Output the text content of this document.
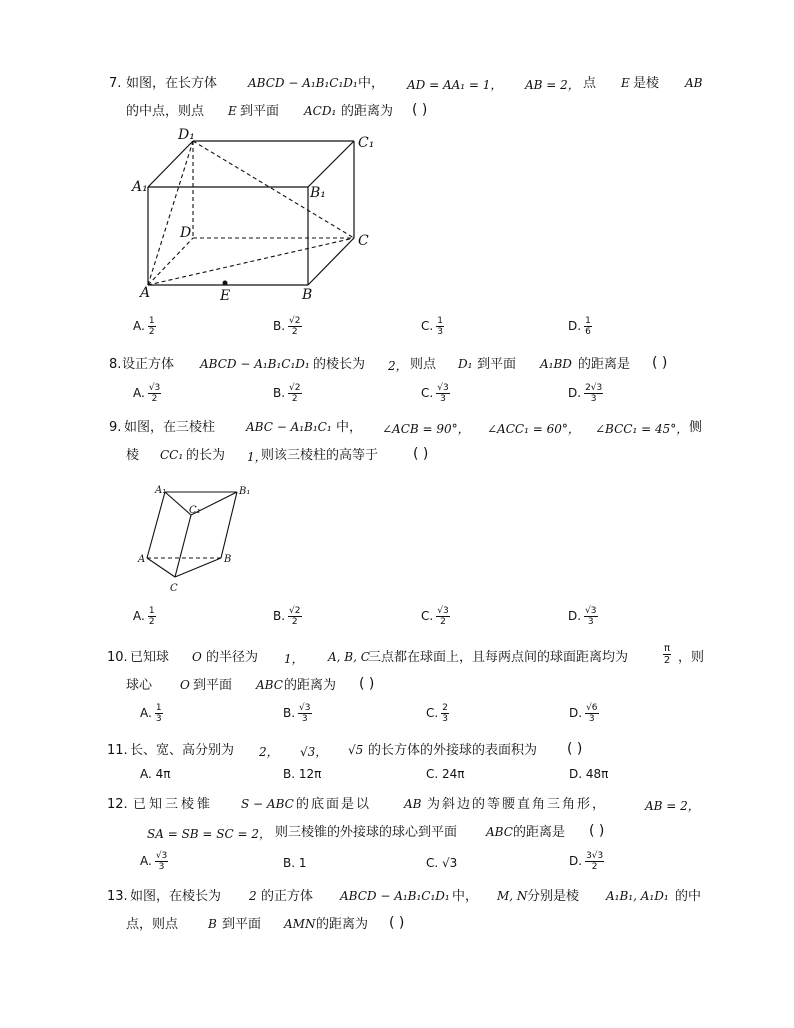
7. 如图，在长方体	ABCD − A₁B₁C₁D₁ 中， AD = AA₁ = 1， AB = 2， 点 E 是棱 AB
的中点，则点 E 到平面 ACD₁ 的距离为 ( )
D₁	C₁
A₁	B₁
D	C
A	E	B
A. $\frac{1}{2}$	B. $\frac{√2}{2}$	C. $\frac{1}{3}$	D. $\frac{1}{6}$
8. 设正方体 ABCD − A₁B₁C₁D₁ 的棱长为 2， 则点 D₁ 到平面 A₁BD 的距离是 ( )
A. $\frac{√3}{2}$	B. $\frac{√2}{2}$	C. $\frac{√3}{3}$	D. $\frac{2√3}{3}$
9. 如图，在三棱柱	ABC − A₁B₁C₁ 中， ∠ACB = 90°， ∠ACC₁ = 60°， ∠BCC₁ = 45°， 侧
棱 CC₁ 的长为 1，
则该三棱柱的高等于 ( )
A₁	B₁
C₁
A	B
C
A. $\frac{1}{2}$	B. $\frac{√2}{2}$	C. $\frac{√3}{2}$	D. $\frac{√3}{3}$
10. 已知球 O 的半径为 1， A, B, C
三点都在球面上，且每两点间的球面距离均为	$\frac{\pi}{2}$ ，则
球心 O 到平面 ABC 的距离为 ( )
A. $\frac{1}{3}$	B. $\frac{√3}{3}$	C. $\frac{2}{3}$	D. $\frac{√6}{3}$
11. 长、宽、高分别为 2， √3， √5 的长方体的外接球的表面积为 ( )
A. 4π	B. 12π	C. 24π	D. 48π
12. 已知三棱锥 S − ABC 的底面是以	AB 为斜边的等腰直角三角形，	AB = 2，
SA = SB = SC = 2， 则三棱锥的外接球的球心到平面 ABC 的距离是 ( )
A. $\frac{√3}{3}$	B. 1	C. √3	D. $\frac{3√3}{2}$
13. 如图，在棱长为 2 的正方体 ABCD − A₁B₁C₁D₁ 中， M, N 分别是棱 A₁B₁, A₁D₁ 的中
点，则点 B 到平面 AMN 的距离为 ( )
